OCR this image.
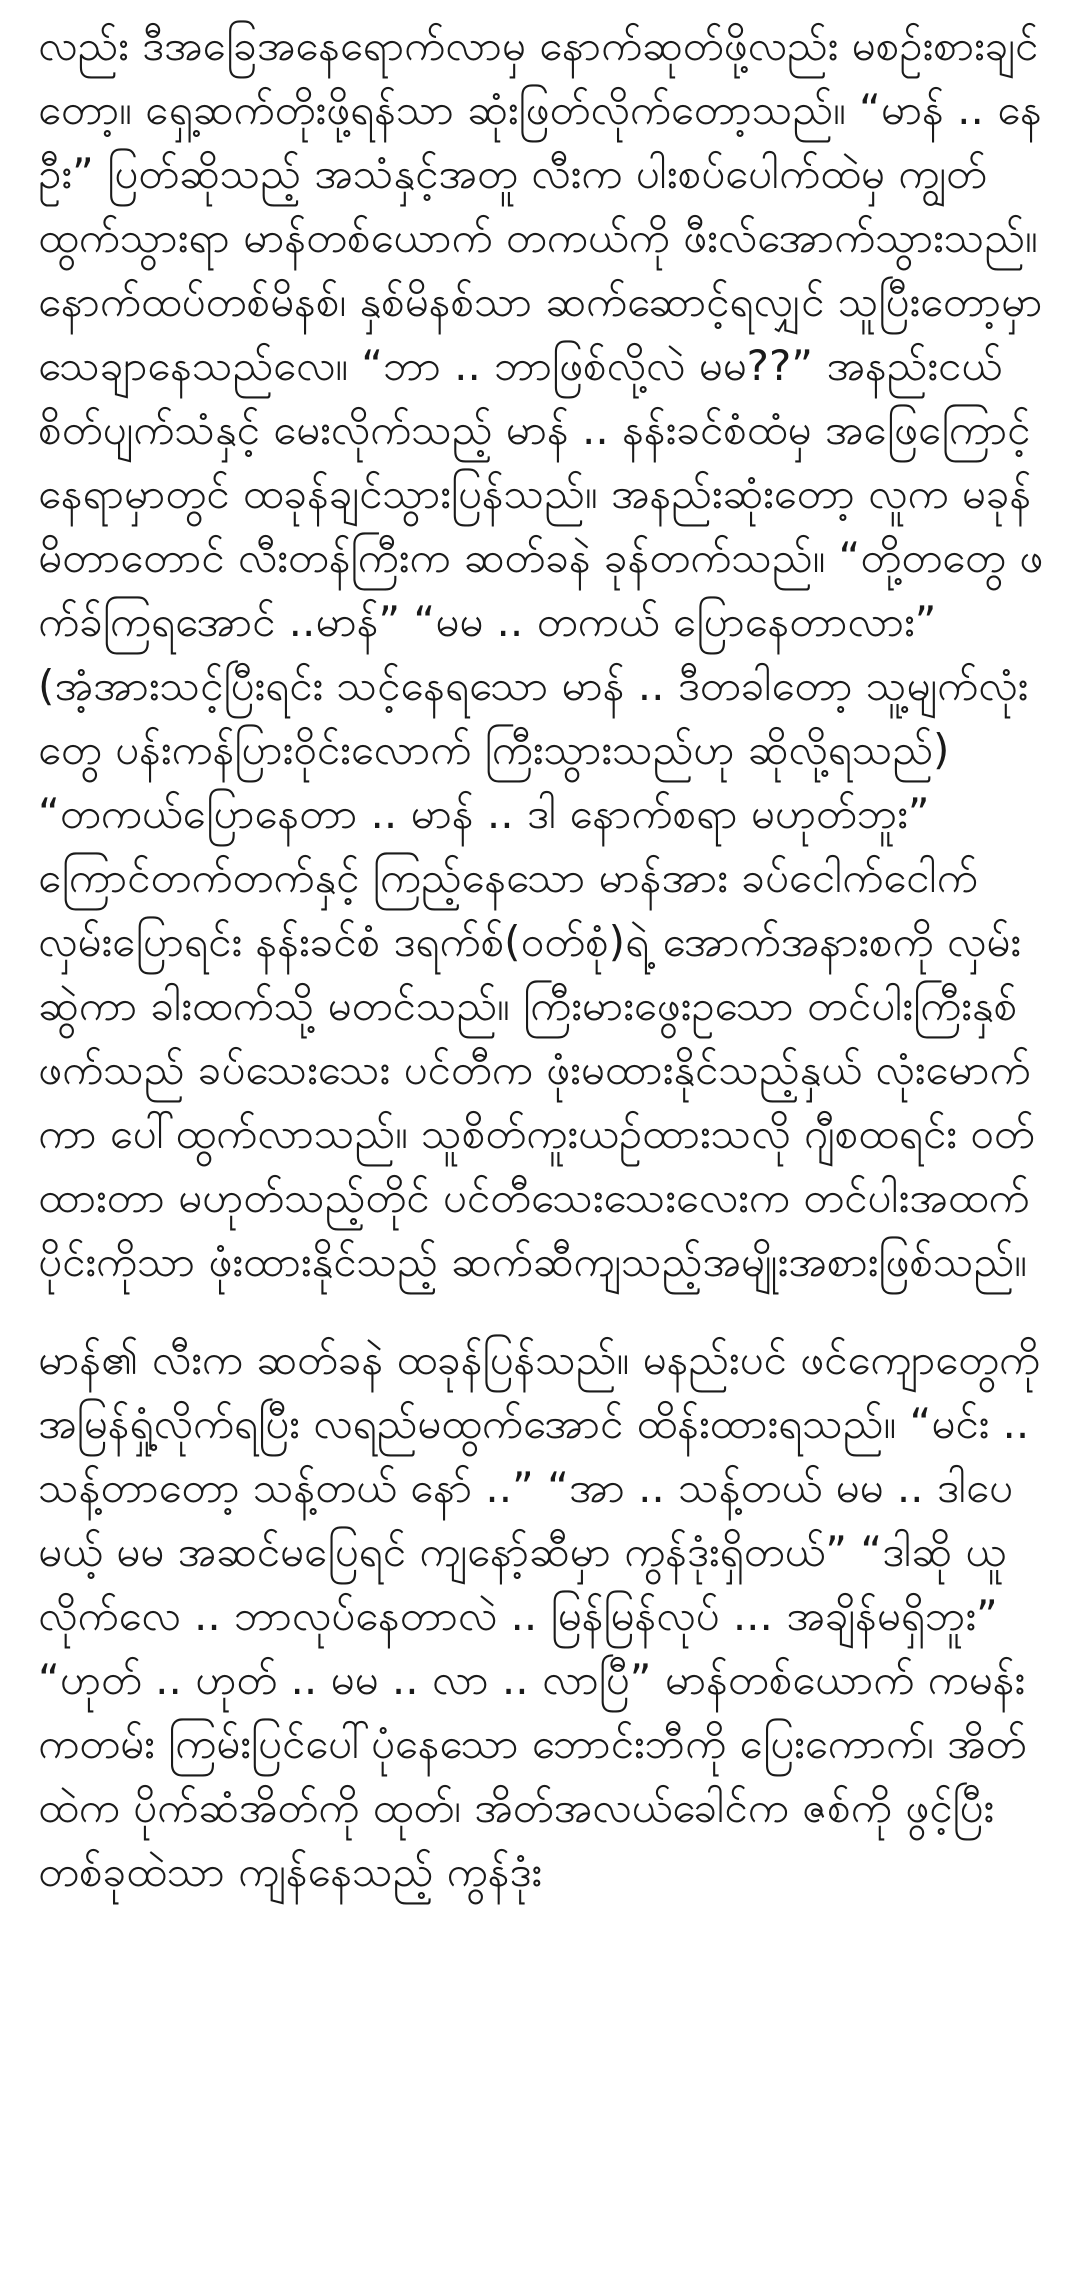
လည်း ဒီအခြေအနေရောက်လာမှ နောက်ဆုတ်ဖို့လည်း မစဉ်းစားချင်တော့။ ရှေ့ဆက်တိုးဖို့ရန်သာ ဆုံးဖြတ်လိုက်တော့သည်။ “မာန် .. နေဦး” ပြတ်ဆိုသည့် အသံနှင့်အတူ လီးက ပါးစပ်ပေါက်ထဲမှ ကျွတ်ထွက်သွားရာ မာန်တစ်ယောက် တကယ်ကို ဖီးလ်အောက်သွားသည်။ နောက်ထပ်တစ်မိနစ်၊ နှစ်မိနစ်သာ ဆက်ဆောင့်ရလျှင် သူပြီးတော့မှာ သေချာနေသည်လေ။ “ဘာ .. ဘာဖြစ်လို့လဲ မမ??” အနည်းငယ် စိတ်ပျက်သံနှင့် မေးလိုက်သည့် မာန် .. နန်းခင်စံထံမှ အဖြေကြောင့် နေရာမှာတွင် ထခုန်ချင်သွားပြန်သည်။ အနည်းဆုံးတော့ လူက မခုန်မိတာတောင် လီးတန်ကြီးက ဆတ်ခနဲ ခုန်တက်သည်။ “တို့တတွေ ဖက်ခ်ကြရအောင် ..မာန်” “မမ .. တကယ် ပြောနေတာလား” (အံ့အားသင့်ပြီးရင်း သင့်နေရသော မာန် .. ဒီတခါတော့ သူ့မျက်လုံးတွေ ပန်းကန်ပြားဝိုင်းလောက် ကြီးသွားသည်ဟု ဆိုလို့ရသည်) “တကယ်ပြောနေတာ .. မာန် .. ဒါ နောက်စရာ မဟုတ်ဘူး” ကြောင်တက်တက်နှင့် ကြည့်နေသော မာန်အား ခပ်ငေါက်ငေါက်လှမ်းပြောရင်း နန်းခင်စံ ဒရက်စ်(ဝတ်စုံ)ရဲ့ အောက်အနားစကို လှမ်းဆွဲကာ ခါးထက်သို့ မတင်သည်။ ကြီးမားဖွေးဥသော တင်ပါးကြီးနှစ်ဖက်သည် ခပ်သေးသေး ပင်တီက ဖုံးမထားနိုင်သည့်နှယ် လုံးမောက်ကာ ပေါ်ထွက်လာသည်။ သူစိတ်ကူးယဉ်ထားသလို ဂျီစထရင်း ဝတ်ထားတာ မဟုတ်သည့်တိုင် ပင်တီသေးသေးလေးက တင်ပါးအထက်ပိုင်းကိုသာ ဖုံးထားနိုင်သည့် ဆက်ဆီကျသည့်အမျိုးအစားဖြစ်သည်။

မာန်၏ လီးက ဆတ်ခနဲ ထခုန်ပြန်သည်။ မနည်းပင် ဖင်ကျောတွေကို အမြန်ရှုံ့လိုက်ရပြီး လရည်မထွက်အောင် ထိန်းထားရသည်။ “မင်း .. သန့်တာတော့ သန့်တယ် နော် ..” “အာ .. သန့်တယ် မမ .. ဒါပေမယ့် မမ အဆင်မပြေရင် ကျနော့်ဆီမှာ ကွန်ဒုံးရှိတယ်” “ဒါဆို ယူလိုက်လေ .. ဘာလုပ်နေတာလဲ .. မြန်မြန်လုပ် ... အချိန်မရှိဘူး” “ဟုတ် .. ဟုတ် .. မမ .. လာ .. လာပြီ” မာန်တစ်ယောက် ကမန်းကတမ်း ကြမ်းပြင်ပေါ်ပုံနေသော ဘောင်းဘီကို ပြေးကောက်၊ အိတ်ထဲက ပိုက်ဆံအိတ်ကို ထုတ်၊ အိတ်အလယ်ခေါင်က ဇစ်ကို ဖွင့်ပြီး တစ်ခုထဲသာ ကျန်နေသည့် ကွန်ဒုံး
